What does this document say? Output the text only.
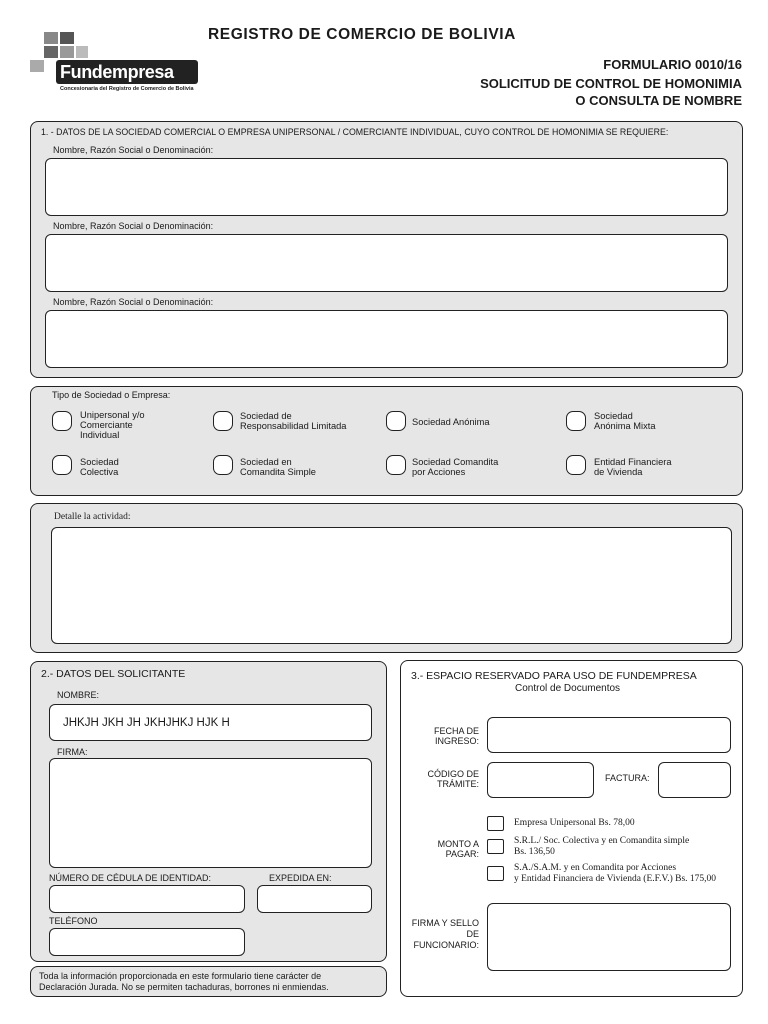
Fundempresa
Concesionaria del Registro de Comercio de Bolivia
REGISTRO DE COMERCIO DE BOLIVIA
FORMULARIO 0010/16
SOLICITUD DE CONTROL DE HOMONIMIA
O CONSULTA DE NOMBRE
1. - DATOS DE LA SOCIEDAD COMERCIAL O EMPRESA UNIPERSONAL / COMERCIANTE INDIVIDUAL, CUYO CONTROL DE HOMONIMIA SE REQUIERE:
Nombre, Razón Social o Denominación:
Nombre, Razón Social o Denominación:
Nombre, Razón Social o Denominación:
Tipo de Sociedad o Empresa:
Unipersonal y/o
Comerciante
Individual
Sociedad de
Responsabilidad Limitada	Sociedad Anónima
Sociedad
Anónima Mixta
Sociedad
Colectiva
Sociedad en
Comandita Simple
Sociedad Comandita
por Acciones
Entidad Financiera
de Vivienda
Detalle la actividad:
2.- DATOS DEL SOLICITANTE
NOMBRE:
JHKJH JKH JH JKHJHKJ HJK H
FIRMA:
NÚMERO DE CÉDULA DE IDENTIDAD:	EXPEDIDA EN:
TELÉFONO
Toda la información proporcionada en este formulario tiene carácter de
Declaración Jurada. No se permiten tachaduras, borrones ni enmiendas.
3.- ESPACIO RESERVADO PARA USO DE FUNDEMPRESA
Control de Documentos
FECHA DE
INGRESO:
CÓDIGO DE
TRÁMITE:
FACTURA:
Empresa Unipersonal Bs. 78,00
MONTO A
PAGAR:
S.R.L./ Soc. Colectiva y en Comandita simple
Bs. 136,50
S.A./S.A.M. y en Comandita por Acciones
y Entidad Financiera de Vivienda (E.F.V.) Bs. 175,00
FIRMA Y SELLO
DE
FUNCIONARIO:
